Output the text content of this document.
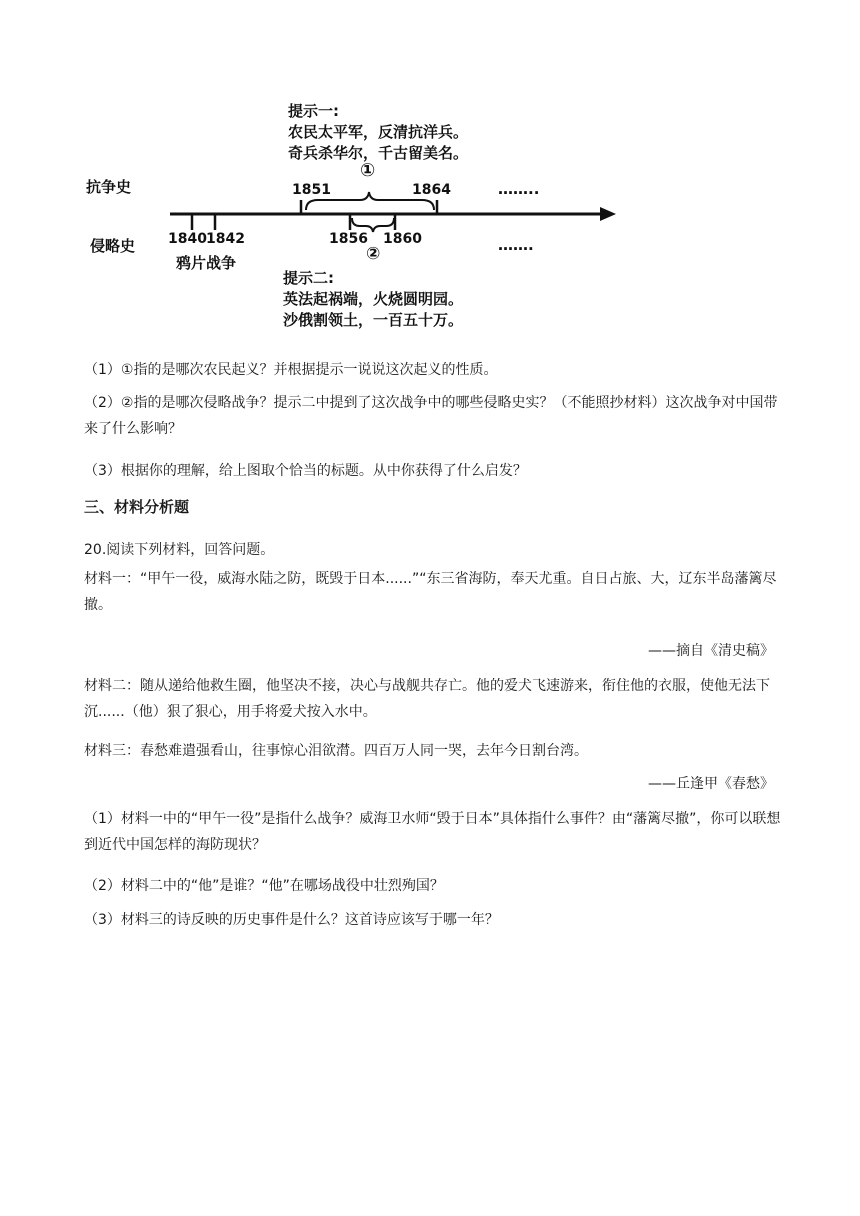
提示一:
农民太平军，反清抗洋兵。
奇兵杀华尔，千古留美名。
抗争史
侵略史
①
②
1851	1864	……..
1840 1842	1856 1860	…….
鸦片战争
提示二:
英法起祸端，火烧圆明园。
沙俄割领土，一百五十万。
（1）①指的是哪次农民起义？并根据提示一说说这次起义的性质。
（2）②指的是哪次侵略战争？提示二中提到了这次战争中的哪些侵略史实？（不能照抄材料）这次战争对中国带来了什么影响？
（3）根据你的理解，给上图取个恰当的标题。从中你获得了什么启发？
三、材料分析题
20.阅读下列材料，回答问题。
材料一：“甲午一役，威海水陆之防，既毁于日本......”“东三省海防，奉天尤重。自日占旅、大，辽东半岛藩篱尽撤。
——摘自《清史稿》
材料二：随从递给他救生圈，他坚决不接，决心与战舰共存亡。他的爱犬飞速游来，衔住他的衣服，使他无法下沉......（他）狠了狠心，用手将爱犬按入水中。
材料三：春愁难遣强看山，往事惊心泪欲潸。四百万人同一哭，去年今日割台湾。
——丘逢甲《春愁》
（1）材料一中的“甲午一役”是指什么战争？威海卫水师“毁于日本”具体指什么事件？由“藩篱尽撤”，你可以联想到近代中国怎样的海防现状？
（2）材料二中的“他”是谁？“他”在哪场战役中壮烈殉国？
（3）材料三的诗反映的历史事件是什么？这首诗应该写于哪一年？
